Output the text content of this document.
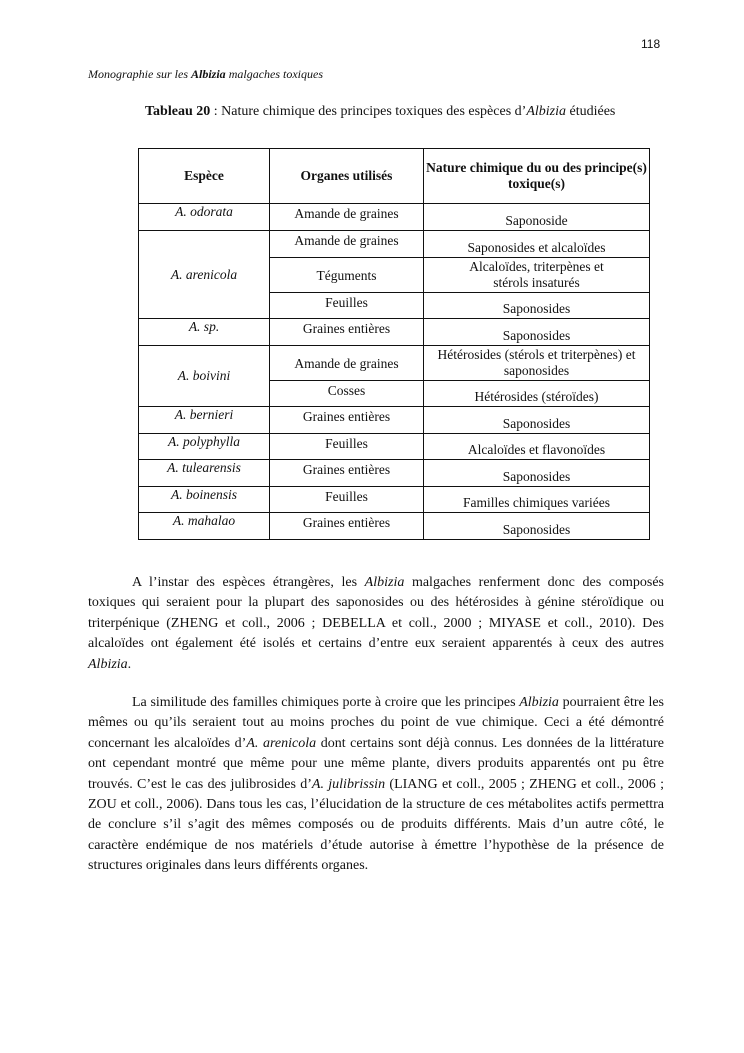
118
Monographie sur les Albizia malgaches toxiques
Tableau 20 : Nature chimique des principes toxiques des espèces d’Albizia étudiées
Espèce	Organes utilisés	Nature chimique du ou des principe(s) toxique(s)
A. odorata	Amande de graines	Saponoside
A. arenicola	Amande de graines	Saponosides et alcaloïdes
	Téguments	Alcaloïdes, triterpènes et stérols insaturés
	Feuilles	Saponosides
A. sp.	Graines entières	Saponosides
A. boivini	Amande de graines	Hétérosides (stérols et triterpènes) et saponosides
	Cosses	Hétérosides (stéroïdes)
A. bernieri	Graines entières	Saponosides
A. polyphylla	Feuilles	Alcaloïdes et flavonoïdes
A. tulearensis	Graines entières	Saponosides
A. boinensis	Feuilles	Familles chimiques variées
A. mahalao	Graines entières	Saponosides

A l’instar des espèces étrangères, les Albizia malgaches renferment donc des composés toxiques qui seraient pour la plupart des saponosides ou des hétérosides à génine stéroïdique ou triterpénique (ZHENG et coll., 2006 ; DEBELLA et coll., 2000 ; MIYASE et coll., 2010). Des alcaloïdes ont également été isolés et certains d’entre eux seraient apparentés à ceux des autres Albizia.

La similitude des familles chimiques porte à croire que les principes Albizia pourraient être les mêmes ou qu’ils seraient tout au moins proches du point de vue chimique. Ceci a été démontré concernant les alcaloïdes d’A. arenicola dont certains sont déjà connus. Les données de la littérature ont cependant montré que même pour une même plante, divers produits apparentés ont pu être trouvés. C’est le cas des julibrosides d’A. julibrissin (LIANG et coll., 2005 ; ZHENG et coll., 2006 ; ZOU et coll., 2006). Dans tous les cas, l’élucidation de la structure de ces métabolites actifs permettra de conclure s’il s’agit des mêmes composés ou de produits différents. Mais d’un autre côté, le caractère endémique de nos matériels d’étude autorise à émettre l’hypothèse de la présence de structures originales dans leurs différents organes.
